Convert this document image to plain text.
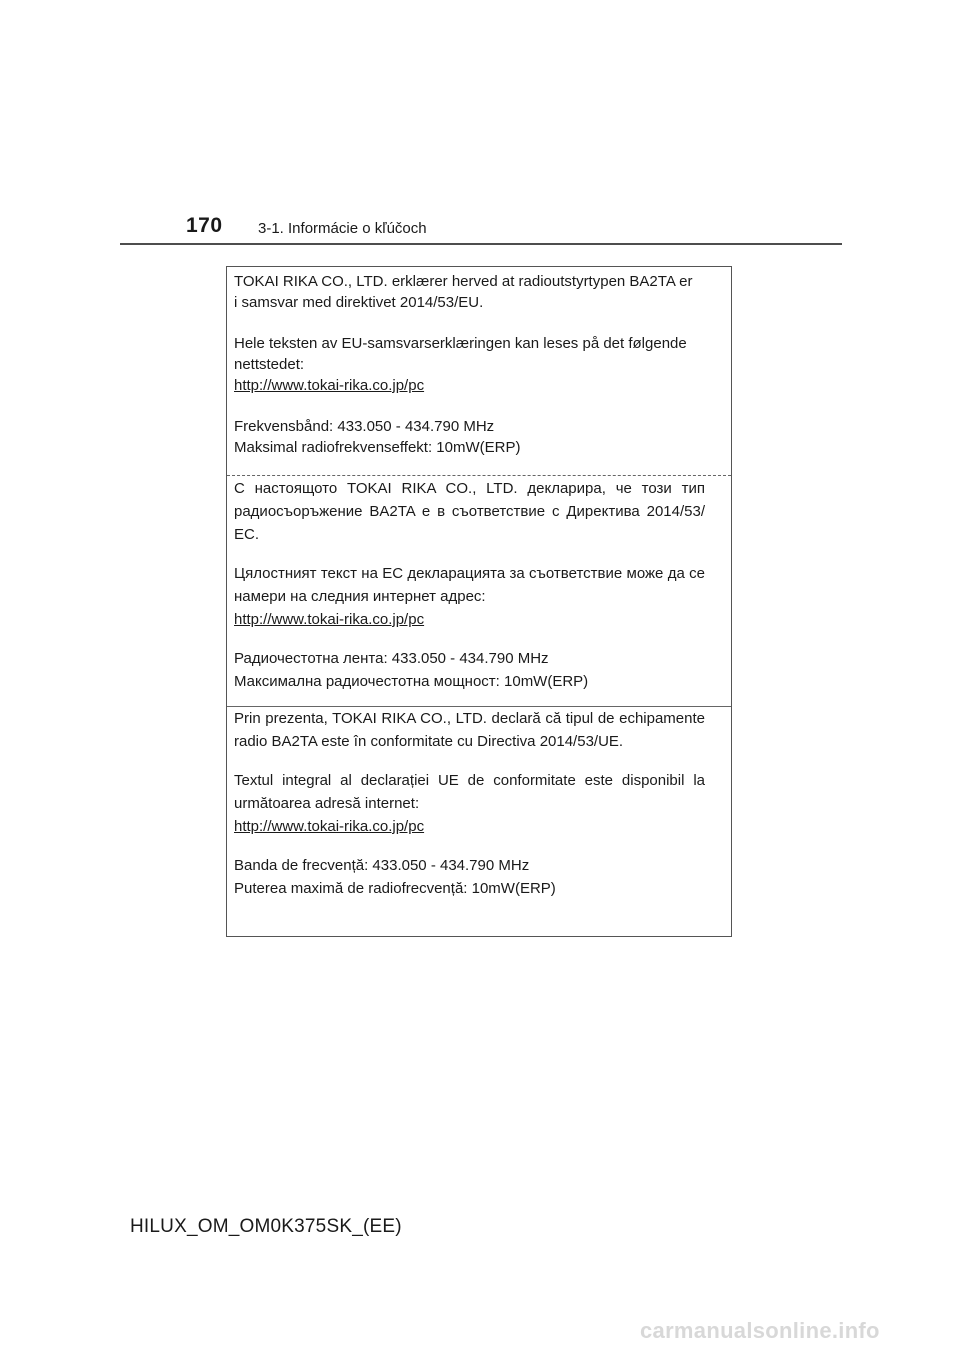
170 3-1. Informácie o kľúčoch

TOKAI RIKA CO., LTD. erklærer herved at radioutstyrtypen BA2TA er
i samsvar med direktivet 2014/53/EU.

Hele teksten av EU-samsvarserklæringen kan leses på det følgende
nettstedet:
http://www.tokai-rika.co.jp/pc

Frekvensbånd: 433.050 - 434.790 MHz
Maksimal radiofrekvenseffekt: 10mW(ERP)

С настоящото TOKAI RIKA CO., LTD. декларира, че този тип радиосъоръжение BA2TA е в съответствие с Директива 2014/53/ЕС.

Цялостният текст на ЕС декларацията за съответствие може да се намери на следния интернет адрес:
http://www.tokai-rika.co.jp/pc

Радиочестотна лента: 433.050 - 434.790 MHz
Максимална радиочестотна мощност: 10mW(ERP)

Prin prezenta, TOKAI RIKA CO., LTD. declară că tipul de echipamente radio BA2TA este în conformitate cu Directiva 2014/53/UE.

Textul integral al declarației UE de conformitate este disponibil la următoarea adresă internet:
http://www.tokai-rika.co.jp/pc

Banda de frecvență: 433.050 - 434.790 MHz
Puterea maximă de radiofrecvență: 10mW(ERP)

HILUX_OM_OM0K375SK_(EE)
carmanualsonline.info
